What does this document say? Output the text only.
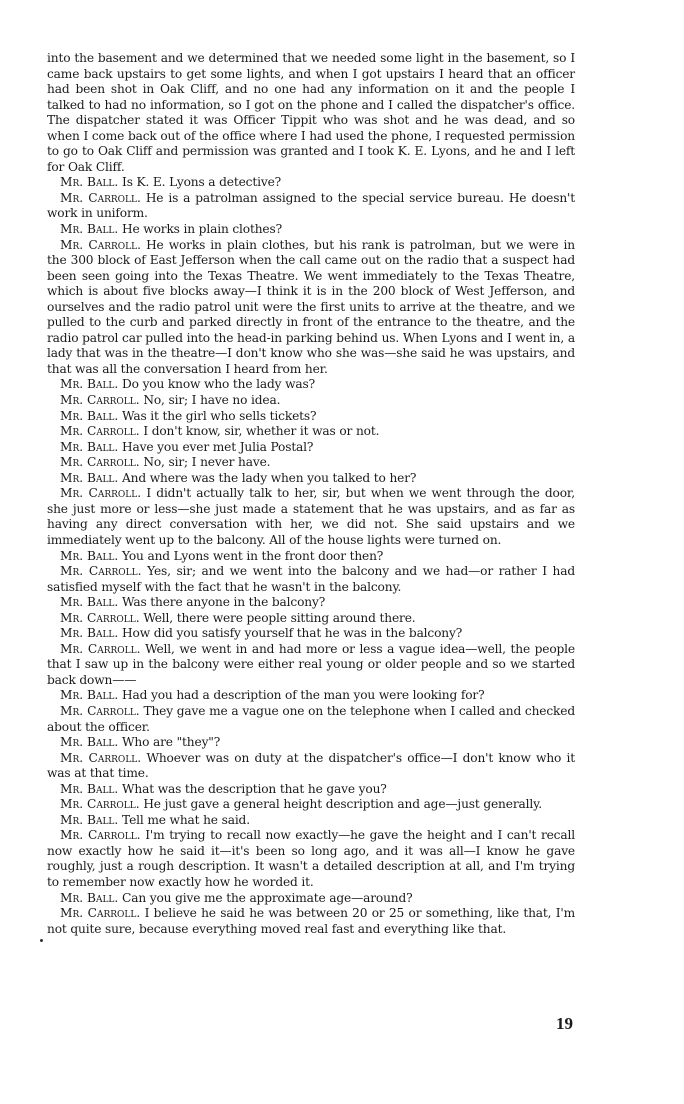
into the basement and we determined that we needed some light in the basement, so I came back upstairs to get some lights, and when I got upstairs I heard that an officer had been shot in Oak Cliff, and no one had any information on it and the people I talked to had no information, so I got on the phone and I called the dispatcher's office. The dispatcher stated it was Officer Tippit who was shot and he was dead, and so when I come back out of the office where I had used the phone, I requested permission to go to Oak Cliff and permission was granted and I took K. E. Lyons, and he and I left for Oak Cliff.

Mr. Ball. Is K. E. Lyons a detective?

Mr. Carroll. He is a patrolman assigned to the special service bureau. He doesn't work in uniform.

Mr. Ball. He works in plain clothes?

Mr. Carroll. He works in plain clothes, but his rank is patrolman, but we were in the 300 block of East Jefferson when the call came out on the radio that a suspect had been seen going into the Texas Theatre. We went immediately to the Texas Theatre, which is about five blocks away—I think it is in the 200 block of West Jefferson, and ourselves and the radio patrol unit were the first units to arrive at the theatre, and we pulled to the curb and parked directly in front of the entrance to the theatre, and the radio patrol car pulled into the head-in parking behind us. When Lyons and I went in, a lady that was in the theatre—I don't know who she was—she said he was upstairs, and that was all the conversation I heard from her.

Mr. Ball. Do you know who the lady was?

Mr. Carroll. No, sir; I have no idea.

Mr. Ball. Was it the girl who sells tickets?

Mr. Carroll. I don't know, sir, whether it was or not.

Mr. Ball. Have you ever met Julia Postal?

Mr. Carroll. No, sir; I never have.

Mr. Ball. And where was the lady when you talked to her?

Mr. Carroll. I didn't actually talk to her, sir, but when we went through the door, she just more or less—she just made a statement that he was upstairs, and as far as having any direct conversation with her, we did not. She said upstairs and we immediately went up to the balcony. All of the house lights were turned on.

Mr. Ball. You and Lyons went in the front door then?

Mr. Carroll. Yes, sir; and we went into the balcony and we had—or rather I had satisfied myself with the fact that he wasn't in the balcony.

Mr. Ball. Was there anyone in the balcony?

Mr. Carroll. Well, there were people sitting around there.

Mr. Ball. How did you satisfy yourself that he was in the balcony?

Mr. Carroll. Well, we went in and had more or less a vague idea—well, the people that I saw up in the balcony were either real young or older people and so we started back down——

Mr. Ball. Had you had a description of the man you were looking for?

Mr. Carroll. They gave me a vague one on the telephone when I called and checked about the officer.

Mr. Ball. Who are "they"?

Mr. Carroll. Whoever was on duty at the dispatcher's office—I don't know who it was at that time.

Mr. Ball. What was the description that he gave you?

Mr. Carroll. He just gave a general height description and age—just generally.

Mr. Ball. Tell me what he said.

Mr. Carroll. I'm trying to recall now exactly—he gave the height and I can't recall now exactly how he said it—it's been so long ago, and it was all—I know he gave roughly, just a rough description. It wasn't a detailed description at all, and I'm trying to remember now exactly how he worded it.

Mr. Ball. Can you give me the approximate age—around?

Mr. Carroll. I believe he said he was between 20 or 25 or something, like that, I'm not quite sure, because everything moved real fast and everything like that.

19
